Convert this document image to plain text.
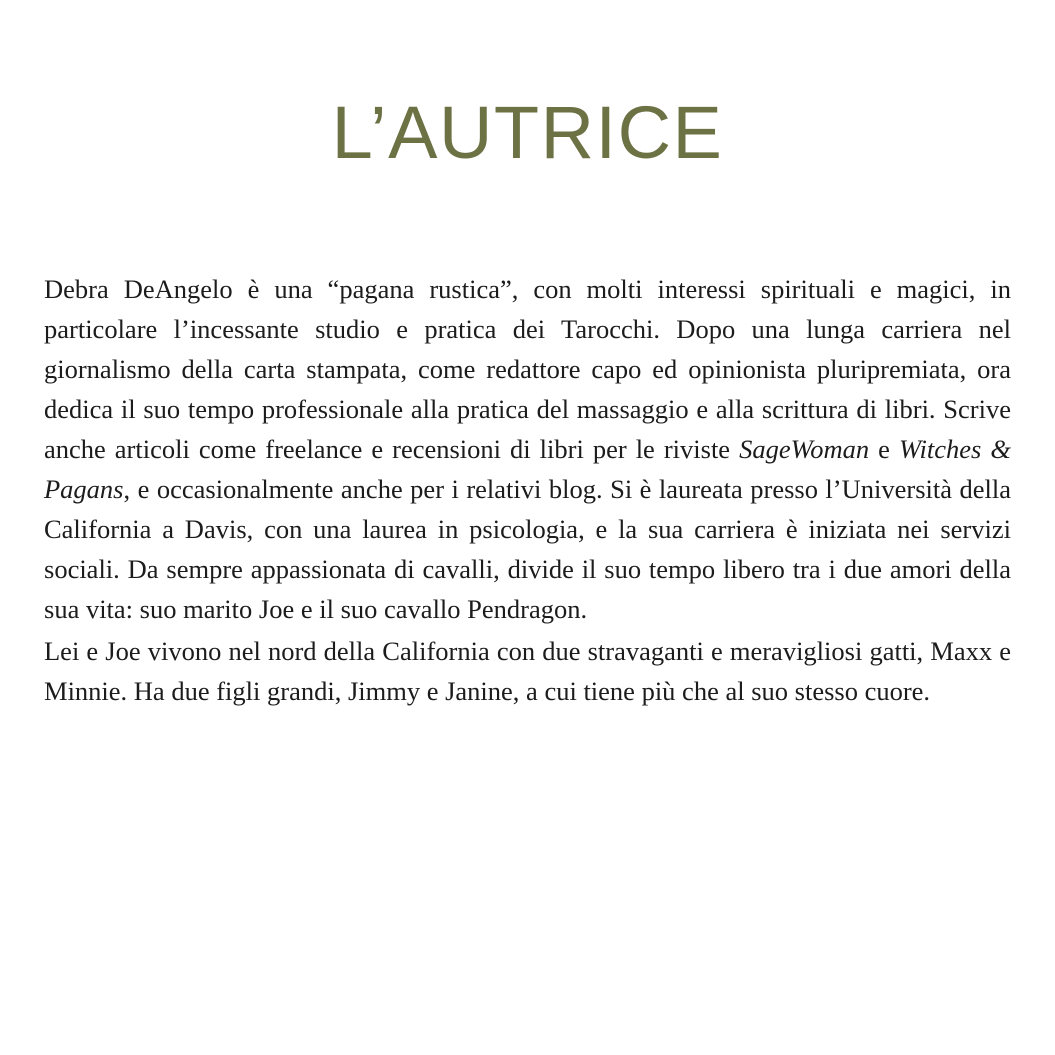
L’AUTRICE

Debra DeAngelo è una “pagana rustica”, con molti interessi spirituali e magici, in particolare l’incessante studio e pratica dei Tarocchi. Dopo una lunga carriera nel giornalismo della carta stampata, come redattore capo ed opinionista pluripremiata, ora dedica il suo tempo professionale alla pratica del massaggio e alla scrittura di libri. Scrive anche articoli come freelance e recensioni di libri per le riviste SageWoman e Witches & Pagans, e occasionalmente anche per i relativi blog. Si è laureata presso l’Università della California a Davis, con una laurea in psicologia, e la sua carriera è iniziata nei servizi sociali. Da sempre appassionata di cavalli, divide il suo tempo libero tra i due amori della sua vita: suo marito Joe e il suo cavallo Pendragon.

Lei e Joe vivono nel nord della California con due stravaganti e meravigliosi gatti, Maxx e Minnie. Ha due figli grandi, Jimmy e Janine, a cui tiene più che al suo stesso cuore.
